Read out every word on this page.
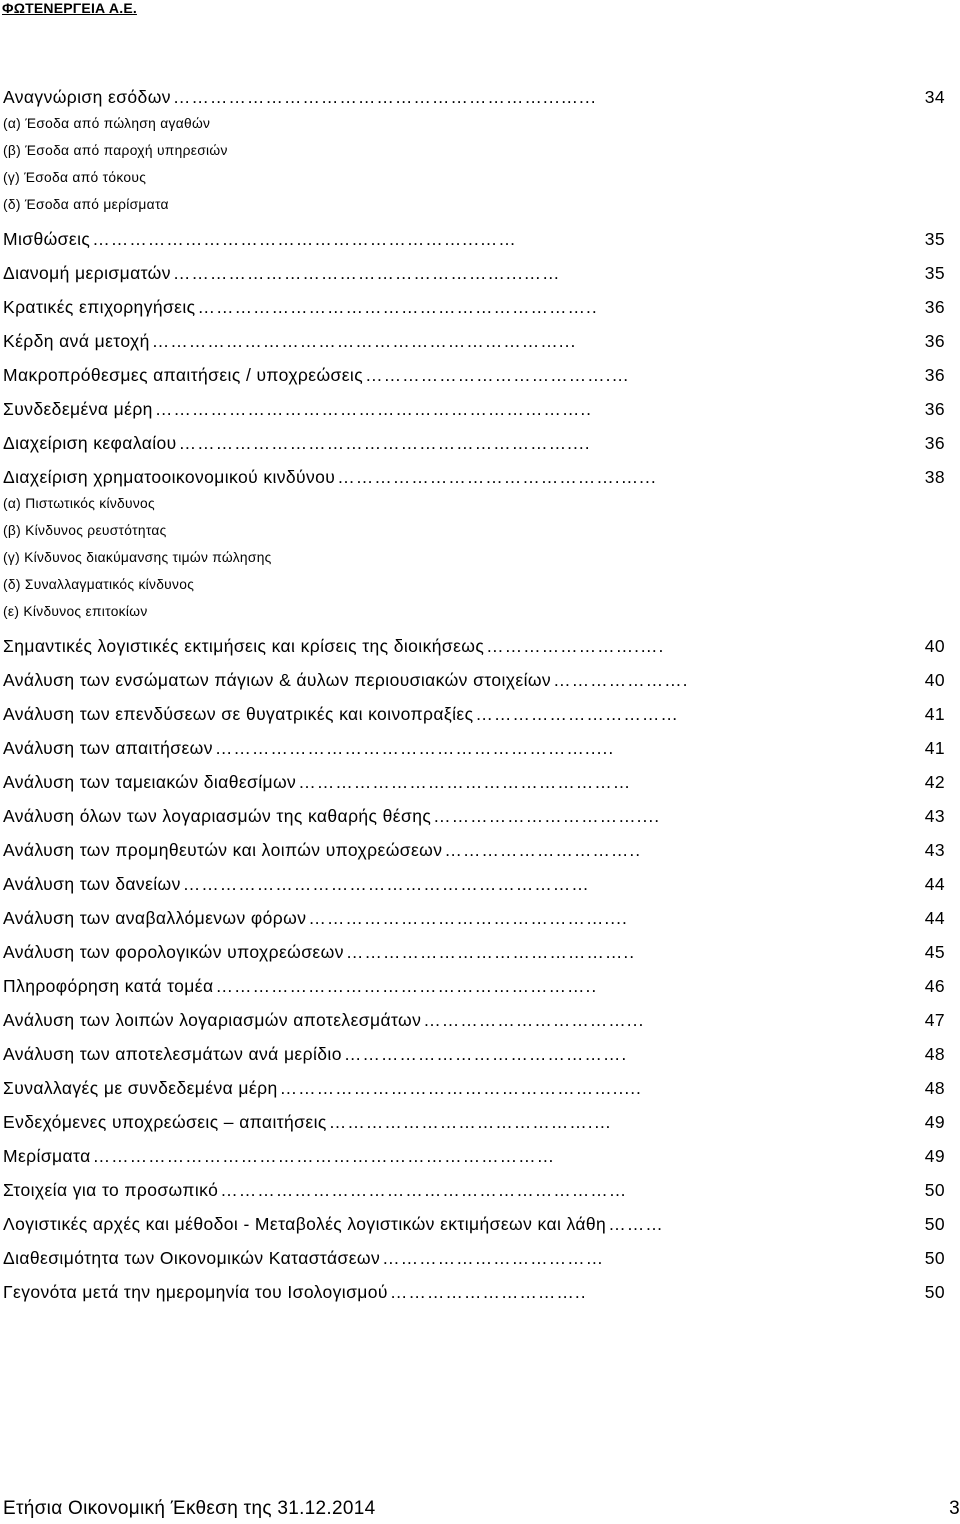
ΦΩΤΕΝΕΡΓΕΙΑ Α.Ε.
Αναγνώριση εσόδων ……………………………………………………...…...	34
(α) Έσοδα από πώληση αγαθών
(β) Έσοδα από παροχή υπηρεσιών
(γ) Έσοδα από τόκους
(δ) Έσοδα από μερίσματα
Μισθώσεις ……………………………………………………...……	35
Διανομή μερισματών ………………………………………………...……	35
Κρατικές επιχορηγήσεις ………………………………………………………..	36
Κέρδη ανά μετοχή …………………………………………………………...	36
Μακροπρόθεσμες απαιτήσεις / υποχρεώσεις ………………………………….…	36
Συνδεδεμένα μέρη ……………………………………………………………..	36
Διαχείριση κεφαλαίου ………………………………………………………....	36
Διαχείριση χρηματοοικονομικού κινδύνου ……………………………………….…...	38
(α) Πιστωτικός κίνδυνος
(β) Κίνδυνος ρευστότητας
(γ) Κίνδυνος διακύμανσης τιμών πώλησης
(δ) Συναλλαγματικός κίνδυνος
(ε) Κίνδυνος επιτοκίων
Σημαντικές λογιστικές εκτιμήσεις και κρίσεις της διοικήσεως …………………….….	40
Ανάλυση των ενσώματων πάγιων & άυλων περιουσιακών στοιχείων ………………….	40
Ανάλυση των επενδύσεων σε θυγατρικές και κοινοπραξίες ……………………………	41
Ανάλυση των απαιτήσεων …………………………………………………….....	41
Ανάλυση των ταμειακών διαθεσίμων ………………………………………………	42
Ανάλυση όλων των λογαριασμών της καθαρής θέσης ……………………………....	43
Ανάλυση των προμηθευτών και λοιπών υποχρεώσεων …………………………..	43
Ανάλυση των δανείων …………………………………………………………	44
Ανάλυση των αναβαλλόμενων φόρων …………………………………………....	44
Ανάλυση των φορολογικών υποχρεώσεων ………………………………………..	45
Πληροφόρηση κατά τομέα ……………………………………………………..	46
Ανάλυση των λοιπών λογαριασμών αποτελεσμάτων ……………………………...	47
Ανάλυση των αποτελεσμάτων ανά μερίδιο ……………………………………….	48
Συναλλαγές με συνδεδεμένα μέρη ……………………………………………….....	48
Ενδεχόμενες υποχρεώσεις – απαιτήσεις …………………………………….…	49
Μερίσματα …………………………………………………………………	49
Στοιχεία για το προσωπικό …………………………………………………………	50
Λογιστικές αρχές και μέθοδοι - Μεταβολές λογιστικών εκτιμήσεων και λάθη ………	50
Διαθεσιμότητα των Οικονομικών Καταστάσεων ………………………………	50
Γεγονότα μετά την ημερομηνία του Ισολογισμού …………………………..	50
Ετήσια Οικονομική Έκθεση της 31.12.2014	3
